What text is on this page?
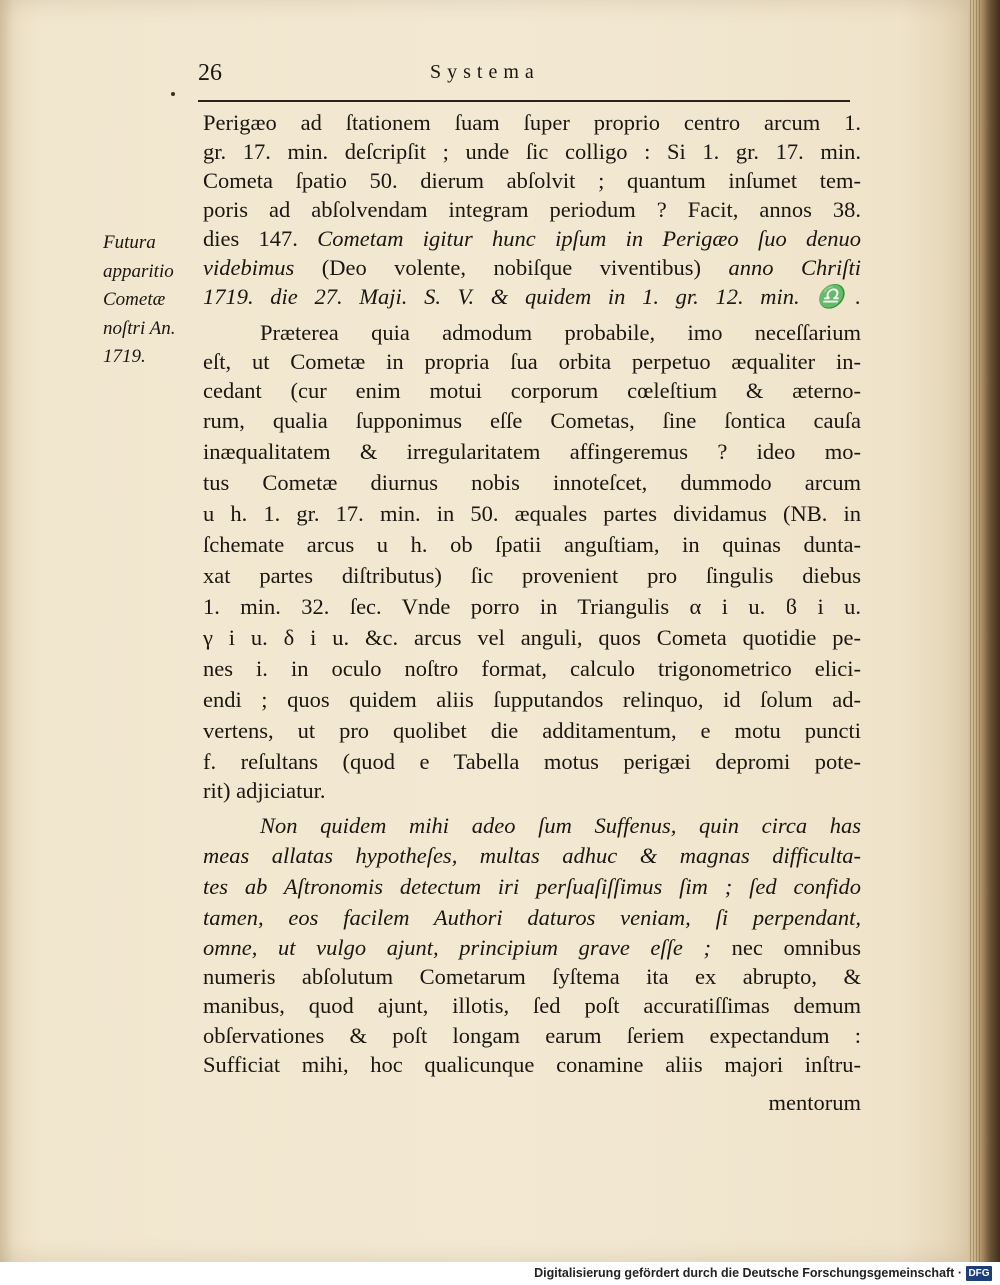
26	Systema
Futura
apparitio
Cometæ
noſtri An.
1719.
Perigæo ad ſtationem ſuam ſuper proprio centro arcum 1.
gr. 17. min. deſcripſit ; unde ſic colligo : Si 1. gr. 17. min.
Cometa ſpatio 50. dierum abſolvit ; quantum inſumet tem-
poris ad abſolvendam integram periodum ? Facit, annos 38.
dies 147. Cometam igitur hunc ipſum in Perigæo ſuo denuo
videbimus (Deo volente, nobiſque viventibus) anno Chriſti
1719. die 27. Maji. S. V. & quidem in 1. gr. 12. min. ♎.
Præterea quia admodum probabile, imo neceſſarium
eſt, ut Cometæ in propria ſua orbita perpetuo æqualiter in-
cedant (cur enim motui corporum cœleſtium & æterno-
rum, qualia ſupponimus eſſe Cometas, ſine ſontica cauſa
inæqualitatem & irregularitatem affingeremus ? ideo mo-
tus Cometæ diurnus nobis innoteſcet, dummodo arcum
u h. 1. gr. 17. min. in 50. æquales partes dividamus (NB. in
ſchemate arcus u h. ob ſpatii anguſtiam, in quinas dunta-
xat partes diſtributus) ſic provenient pro ſingulis diebus
1. min. 32. ſec. Vnde porro in Triangulis α i u. ϐ i u.
γ i u. δ i u. &c. arcus vel anguli, quos Cometa quotidie pe-
nes i. in oculo noſtro format, calculo trigonometrico elici-
endi ; quos quidem aliis ſupputandos relinquo, id ſolum ad-
vertens, ut pro quolibet die additamentum, e motu puncti
f. reſultans (quod e Tabella motus perigæi depromi pote-
rit) adjiciatur.
Non quidem mihi adeo ſum Suffenus, quin circa has
meas allatas hypotheſes, multas adhuc & magnas difficulta-
tes ab Aſtronomis detectum iri perſuaſiſſimus ſim ; ſed confido
tamen, eos facilem Authori daturos veniam, ſi perpendant,
omne, ut vulgo ajunt, principium grave eſſe ; nec omnibus
numeris abſolutum Cometarum ſyſtema ita ex abrupto, &
manibus, quod ajunt, illotis, ſed poſt accuratiſſimas demum
obſervationes & poſt longam earum ſeriem expectandum :
Sufficiat mihi, hoc qualicunque conamine aliis majori inſtru-
mentorum
Digitalisierung gefördert durch die Deutsche Forschungsgemeinschaft · DFG
